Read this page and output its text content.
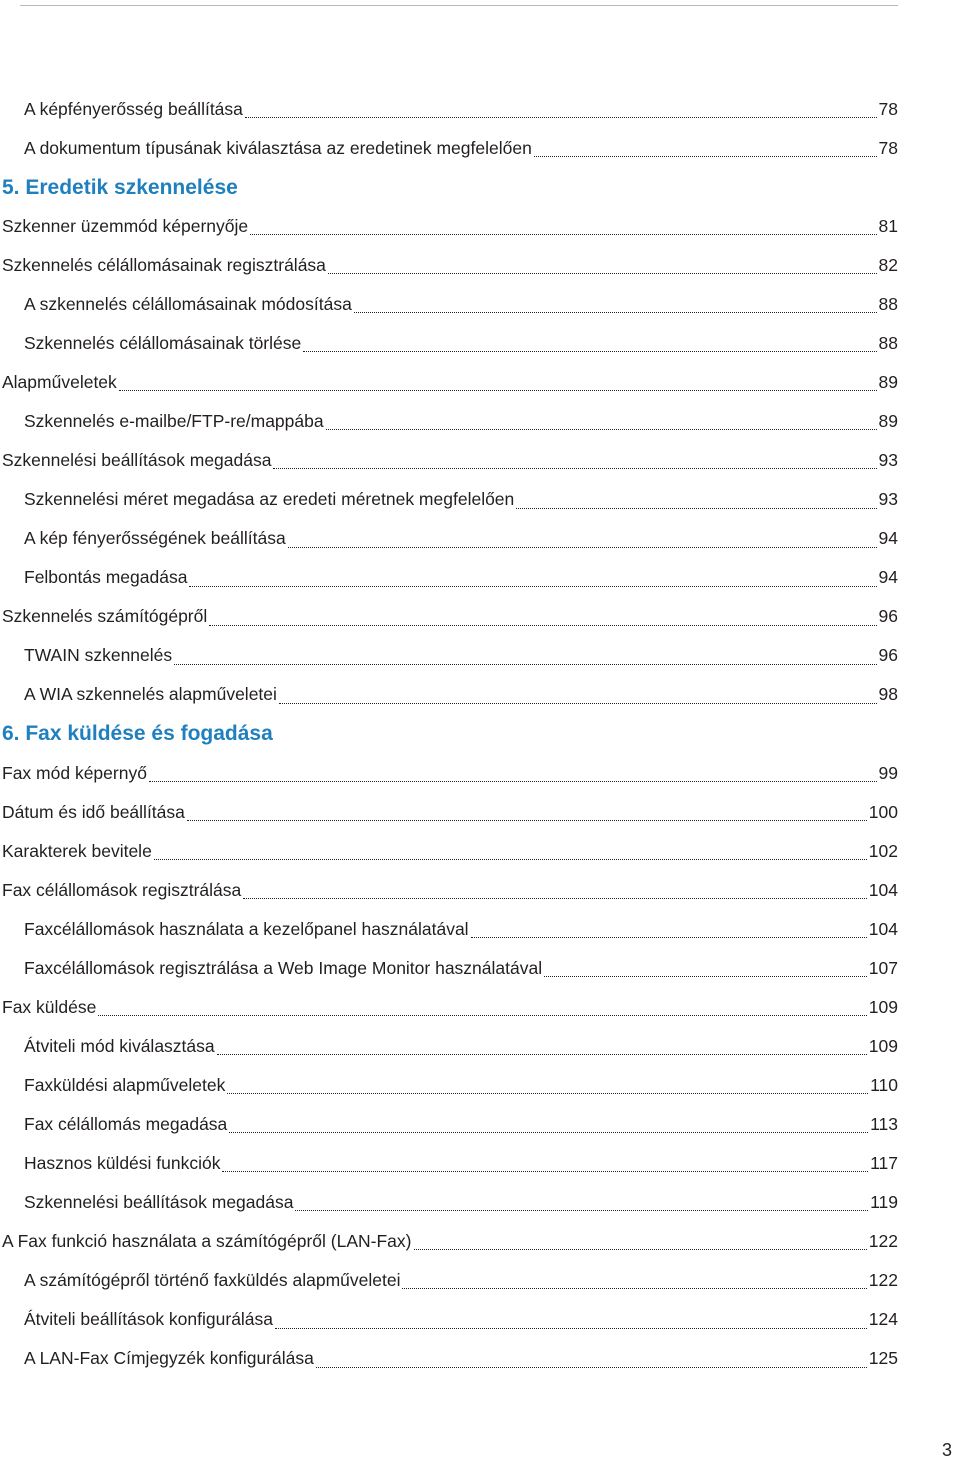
A képfényerősség beállítása	78
A dokumentum típusának kiválasztása az eredetinek megfelelően	78
5. Eredetik szkennelése
Szkenner üzemmód képernyője	81
Szkennelés célállomásainak regisztrálása	82
A szkennelés célállomásainak módosítása	88
Szkennelés célállomásainak törlése	88
Alapműveletek	89
Szkennelés e-mailbe/FTP-re/mappába	89
Szkennelési beállítások megadása	93
Szkennelési méret megadása az eredeti méretnek megfelelően	93
A kép fényerősségének beállítása	94
Felbontás megadása	94
Szkennelés számítógépről	96
TWAIN szkennelés	96
A WIA szkennelés alapműveletei	98
6. Fax küldése és fogadása
Fax mód képernyő	99
Dátum és idő beállítása	100
Karakterek bevitele	102
Fax célállomások regisztrálása	104
Faxcélállomások használata a kezelőpanel használatával	104
Faxcélállomások regisztrálása a Web Image Monitor használatával	107
Fax küldése	109
Átviteli mód kiválasztása	109
Faxküldési alapműveletek	110
Fax célállomás megadása	113
Hasznos küldési funkciók	117
Szkennelési beállítások megadása	119
A Fax funkció használata a számítógépről (LAN-Fax)	122
A számítógépről történő faxküldés alapműveletei	122
Átviteli beállítások konfigurálása	124
A LAN-Fax Címjegyzék konfigurálása	125
3
